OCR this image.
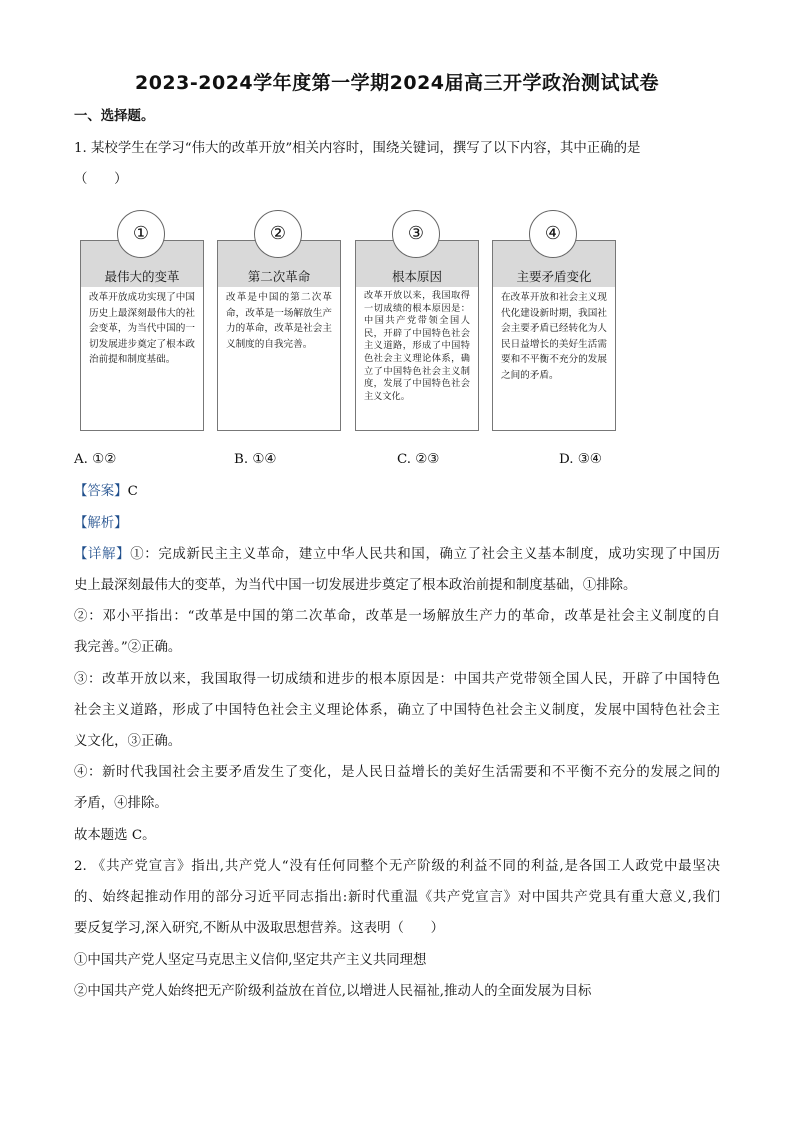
2023-2024学年度第一学期2024届高三开学政治测试试卷
一、选择题。
1. 某校学生在学习“伟大的改革开放”相关内容时，围绕关键词，撰写了以下内容，其中正确的是
（　　）
最伟大的变革
①
改革开放成功实现了中国历史上最深刻最伟大的社会变革，为当代中国的一切发展进步奠定了根本政治前提和制度基础。
第二次革命
②
改革是中国的第二次革命，改革是一场解放生产力的革命，改革是社会主义制度的自我完善。
根本原因
③
改革开放以来，我国取得一切成绩的根本原因是：中国共产党带领全国人民，开辟了中国特色社会主义道路，形成了中国特色社会主义理论体系，确立了中国特色社会主义制度，发展了中国特色社会主义文化。
主要矛盾变化
④
在改革开放和社会主义现代化建设新时期，我国社会主要矛盾已经转化为人民日益增长的美好生活需要和不平衡不充分的发展之间的矛盾。
A. ①②	B. ①④	C. ②③	D. ③④
【答案】C
【解析】
【详解】①：完成新民主主义革命，建立中华人民共和国，确立了社会主义基本制度，成功实现了中国历
史上最深刻最伟大的变革，为当代中国一切发展进步奠定了根本政治前提和制度基础，①排除。
②：邓小平指出：“改革是中国的第二次革命，改革是一场解放生产力的革命，改革是社会主义制度的自
我完善。”②正确。
③：改革开放以来，我国取得一切成绩和进步的根本原因是：中国共产党带领全国人民，开辟了中国特色
社会主义道路，形成了中国特色社会主义理论体系，确立了中国特色社会主义制度，发展中国特色社会主
义文化，③正确。
④：新时代我国社会主要矛盾发生了变化，是人民日益增长的美好生活需要和不平衡不充分的发展之间的
矛盾，④排除。
故本题选 C。
2. 《共产党宣言》指出,共产党人“没有任何同整个无产阶级的利益不同的利益,是各国工人政党中最坚决
的、始终起推动作用的部分习近平同志指出:新时代重温《共产党宣言》对中国共产党具有重大意义,我们
要反复学习,深入研究,不断从中汲取思想营养。这表明（　　）
①中国共产党人坚定马克思主义信仰,坚定共产主义共同理想
②中国共产党人始终把无产阶级利益放在首位,以增进人民福祉,推动人的全面发展为目标
